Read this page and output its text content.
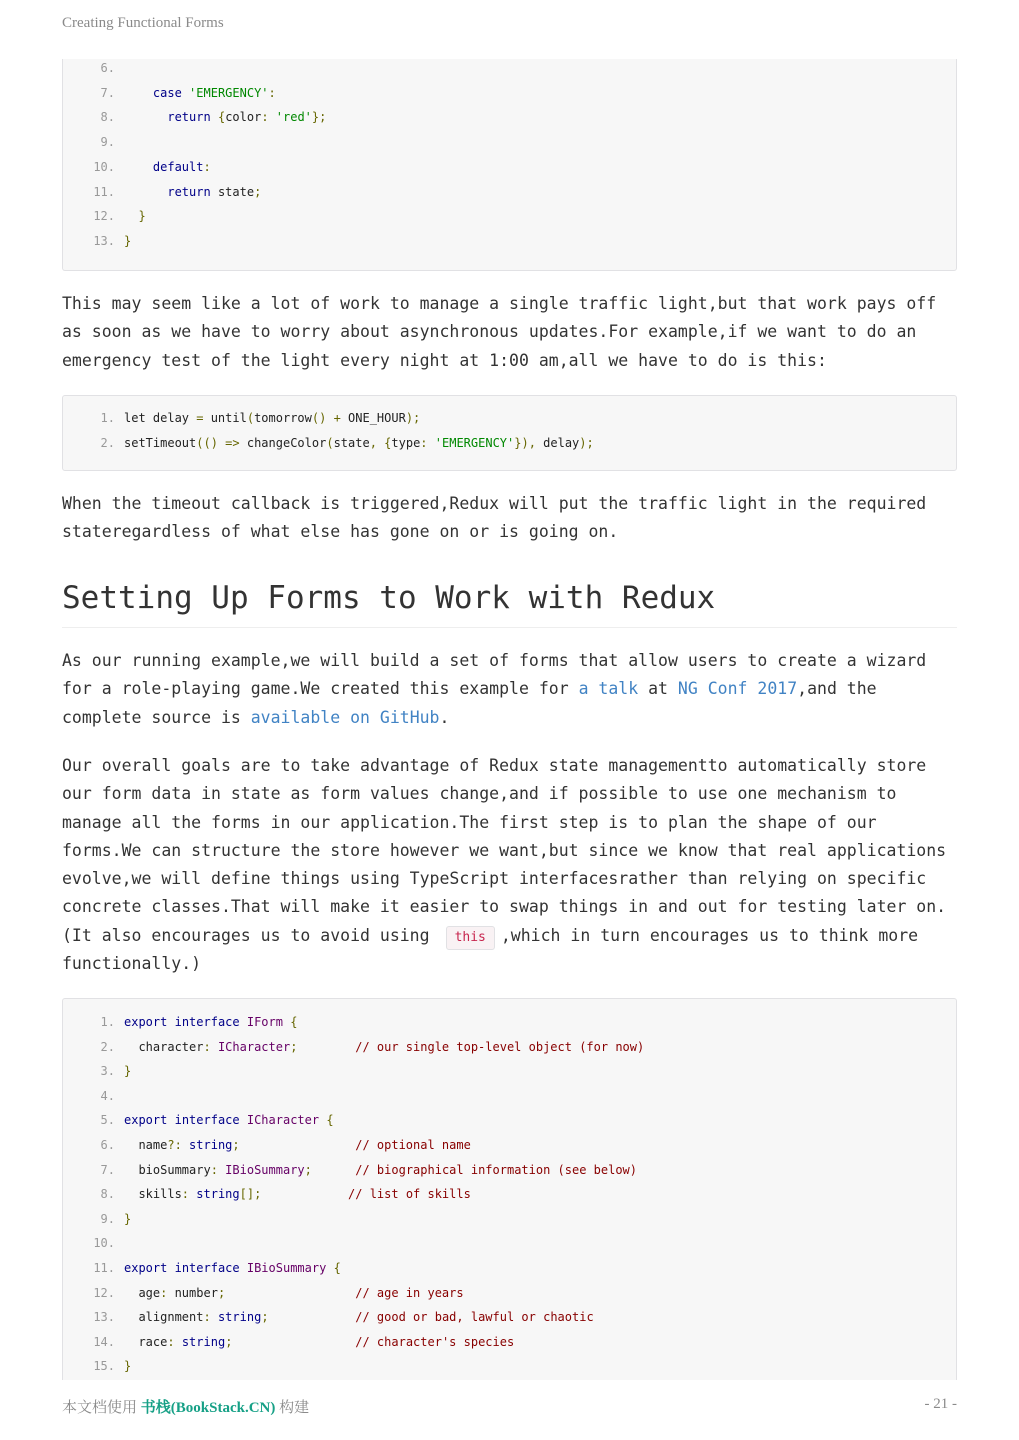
Creating Functional Forms
6.
7.	case 'EMERGENCY':
8.	return {color: 'red'};
9.
10.	default:
11.	return state;
12.	}
13. }

This may seem like a lot of work to manage a single traffic light,but that work pays off as soon as we have to worry about asynchronous updates.For example,if we want to do an emergency test of the light every night at 1:00 am,all we have to do is this:

1. let delay = until(tomorrow() + ONE_HOUR);
2. setTimeout(() => changeColor(state, {type: 'EMERGENCY'}), delay);

When the timeout callback is triggered,Redux will put the traffic light in the required stateregardless of what else has gone on or is going on.

Setting Up Forms to Work with Redux

As our running example,we will build a set of forms that allow users to create a wizard for a role-playing game.We created this example for a talk at NG Conf 2017,and the complete source is available on GitHub.

Our overall goals are to take advantage of Redux state managementto automatically store our form data in state as form values change,and if possible to use one mechanism to manage all the forms in our application.The first step is to plan the shape of our forms.We can structure the store however we want,but since we know that real applications evolve,we will define things using TypeScript interfacesrather than relying on specific concrete classes.That will make it easier to swap things in and out for testing later on.(It also encourages us to avoid using this ,which in turn encourages us to think more functionally.)

1. export interface IForm {
2. character: ICharacter;	// our single top-level object (for now)
3. }
4.
5. export interface ICharacter {
6. name?: string;	// optional name
7. bioSummary: IBioSummary;	// biographical information (see below)
8. skills: string[];	// list of skills
9. }
10.
11. export interface IBioSummary {
12. age: number;	// age in years
13. alignment: string;	// good or bad, lawful or chaotic
14. race: string;	// character's species
15. }
本文档使用 书栈(BookStack.CN) 构建	- 21 -
